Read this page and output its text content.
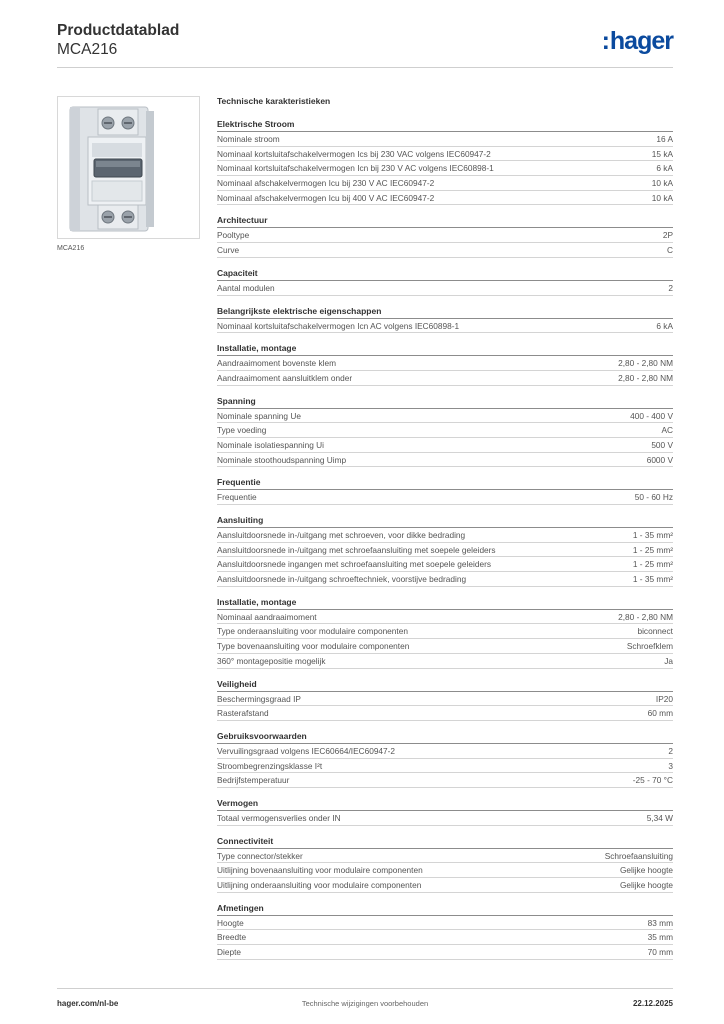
Productdatablad
MCA216	:hager
MCA216
Technische karakteristieken
Elektrische Stroom
Nominale stroom	16 A
Nominaal kortsluitafschakelvermogen Ics bij 230 VAC volgens IEC60947-2	15 kA
Nominaal kortsluitafschakelvermogen Icn bij 230 V AC volgens IEC60898-1	6 kA
Nominaal afschakelvermogen Icu bij 230 V AC IEC60947-2	10 kA
Nominaal afschakelvermogen Icu bij 400 V AC IEC60947-2	10 kA
Architectuur
Pooltype	2P
Curve	C
Capaciteit
Aantal modulen	2
Belangrijkste elektrische eigenschappen
Nominaal kortsluitafschakelvermogen Icn AC volgens IEC60898-1	6 kA
Installatie, montage
Aandraaimoment bovenste klem	2,80 - 2,80 NM
Aandraaimoment aansluitklem onder	2,80 - 2,80 NM
Spanning
Nominale spanning Ue	400 - 400 V
Type voeding	AC
Nominale isolatiespanning Ui	500 V
Nominale stoothoudspanning Uimp	6000 V
Frequentie
Frequentie	50 - 60 Hz
Aansluiting
Aansluitdoorsnede in-/uitgang met schroeven, voor dikke bedrading	1 - 35 mm²
Aansluitdoorsnede in-/uitgang met schroefaansluiting met soepele geleiders	1 - 25 mm²
Aansluitdoorsnede ingangen met schroefaansluiting met soepele geleiders	1 - 25 mm²
Aansluitdoorsnede in-/uitgang schroeftechniek, voorstijve bedrading	1 - 35 mm²
Installatie, montage
Nominaal aandraaimoment	2,80 - 2,80 NM
Type onderaansluiting voor modulaire componenten	biconnect
Type bovenaansluiting voor modulaire componenten	Schroefklem
360° montagepositie mogelijk	Ja
Veiligheid
Beschermingsgraad IP	IP20
Rasterafstand	60 mm
Gebruiksvoorwaarden
Vervuilingsgraad volgens IEC60664/IEC60947-2	2
Stroombegrenzingsklasse I²t	3
Bedrijfstemperatuur	-25 - 70 °C
Vermogen
Totaal vermogensverlies onder IN	5,34 W
Connectiviteit
Type connector/stekker	Schroefaansluiting
Uitlijning bovenaansluiting voor modulaire componenten	Gelijke hoogte
Uitlijning onderaansluiting voor modulaire componenten	Gelijke hoogte
Afmetingen
Hoogte	83 mm
Breedte	35 mm
Diepte	70 mm
hager.com/nl-be	Technische wijzigingen voorbehouden	22.12.2025
